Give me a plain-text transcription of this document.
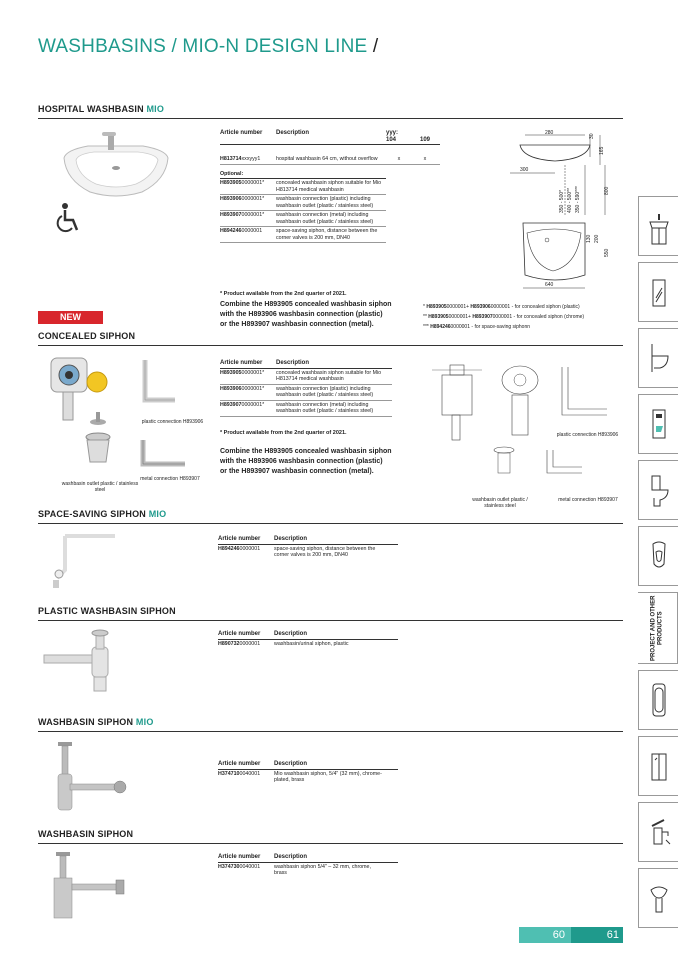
WASHBASINS / MIO-N DESIGN LINE /
HOSPITAL WASHBASIN MIO
Article number	Description	yyy:
104	109
H813714xxxyyy1	hospital washbasin 64 cm, without overflow	x	x
Optional:
H8939050000001*	concealed washbasin siphon suitable for Mio H813714 medical washbasin
H8939060000001*	washbasin connection (plastic) including washbasin outlet (plastic / stainless steel)
H8939070000001*	washbasin connection (metal) including washbasin outlet (plastic / stainless steel)
H8942460000001	space-saving siphon, distance between the corner valves is 200 mm, DN40
* Product available from the 2nd quarter of 2021.
Combine the H893905 concealed washbasin siphon
with the H893906 washbasin connection (plastic)
or the H893907 washbasin connection (metal).
* H8939050000001+ H8939060000001 - for concealed siphon (plastic)
** H8939050000001+ H8939070000001 - for concealed siphon (chrome)
*** H8942460000001 - for space-saving siphonn
280
30
165
300
350 - 500* 400 - 500** 350 - 590***	800
130 200
550
640
NEW
CONCEALED SIPHON
plastic connection H893906
washbasin outlet plastic / stainless steel
metal connection H893907
Article number	Description
H8939050000001*	concealed washbasin siphon suitable for Mio H813714 medical washbasin
H8939060000001*	washbasin connection (plastic) including washbasin outlet (plastic / stainless steel)
H8939070000001*	washbasin connection (metal) including washbasin outlet (plastic / stainless steel)
* Product available from the 2nd quarter of 2021.
Combine the H893905 concealed washbasin siphon
with the H893906 washbasin connection (plastic)
or the H893907 washbasin connection (metal).
plastic connection H893906
washbasin outlet plastic / stainless steel
metal connection H893907
SPACE-SAVING SIPHON MIO
Article number	Description
H8942460000001	space-saving siphon, distance between the corner valves is 200 mm, DN40
PLASTIC WASHBASIN SIPHON
Article number	Description
H8907320000001	washbasin/urinal siphon, plastic
WASHBASIN SIPHON MIO
Article number	Description
H3747100040001	Mio washbasin siphon, 5/4" (32 mm), chrome-plated, brass
WASHBASIN SIPHON
Article number	Description
H3747300040001	washbasin siphon 5/4" – 32 mm, chrome, brass
PROJECT AND OTHER PRODUCTS
60	61
